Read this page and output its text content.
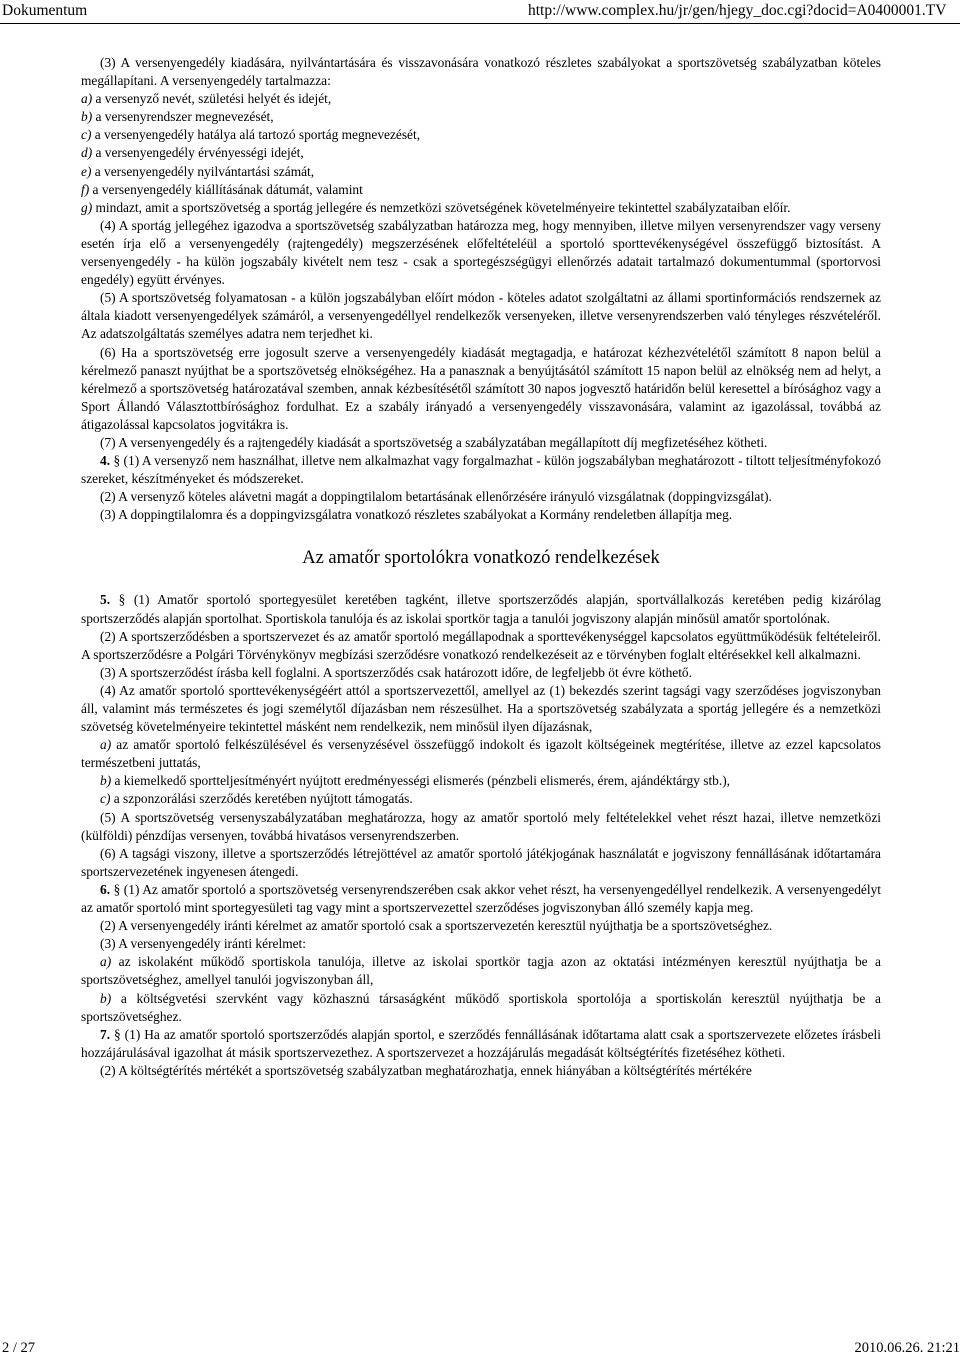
Dokumentum	http://www.complex.hu/jr/gen/hjegy_doc.cgi?docid=A0400001.TV

(3) A versenyengedély kiadására, nyilvántartására és visszavonására vonatkozó részletes szabályokat a sportszövetség szabályzatban köteles megállapítani. A versenyengedély tartalmazza:

a) a versenyző nevét, születési helyét és idejét,

b) a versenyrendszer megnevezését,

c) a versenyengedély hatálya alá tartozó sportág megnevezését,

d) a versenyengedély érvényességi idejét,

e) a versenyengedély nyilvántartási számát,

f) a versenyengedély kiállításának dátumát, valamint

g) mindazt, amit a sportszövetség a sportág jellegére és nemzetközi szövetségének követelményeire tekintettel szabályzataiban előír.

(4) A sportág jellegéhez igazodva a sportszövetség szabályzatban határozza meg, hogy mennyiben, illetve milyen versenyrendszer vagy verseny esetén írja elő a versenyengedély (rajtengedély) megszerzésének előfeltételéül a sportoló sporttevékenységével összefüggő biztosítást. A versenyengedély - ha külön jogszabály kivételt nem tesz - csak a sportegészségügyi ellenőrzés adatait tartalmazó dokumentummal (sportorvosi engedély) együtt érvényes.

(5) A sportszövetség folyamatosan - a külön jogszabályban előírt módon - köteles adatot szolgáltatni az állami sportinformációs rendszernek az általa kiadott versenyengedélyek számáról, a versenyengedéllyel rendelkezők versenyeken, illetve versenyrendszerben való tényleges részvételéről. Az adatszolgáltatás személyes adatra nem terjedhet ki.

(6) Ha a sportszövetség erre jogosult szerve a versenyengedély kiadását megtagadja, e határozat kézhezvételétől számított 8 napon belül a kérelmező panaszt nyújthat be a sportszövetség elnökségéhez. Ha a panasznak a benyújtásától számított 15 napon belül az elnökség nem ad helyt, a kérelmező a sportszövetség határozatával szemben, annak kézbesítésétől számított 30 napos jogvesztő határidőn belül keresettel a bírósághoz vagy a Sport Állandó Választottbírósághoz fordulhat. Ez a szabály irányadó a versenyengedély visszavonására, valamint az igazolással, továbbá az átigazolással kapcsolatos jogvitákra is.

(7) A versenyengedély és a rajtengedély kiadását a sportszövetség a szabályzatában megállapított díj megfizetéséhez kötheti.

4. § (1) A versenyző nem használhat, illetve nem alkalmazhat vagy forgalmazhat - külön jogszabályban meghatározott - tiltott teljesítményfokozó szereket, készítményeket és módszereket.

(2) A versenyző köteles alávetni magát a doppingtilalom betartásának ellenőrzésére irányuló vizsgálatnak (doppingvizsgálat).

(3) A doppingtilalomra és a doppingvizsgálatra vonatkozó részletes szabályokat a Kormány rendeletben állapítja meg.

Az amatőr sportolókra vonatkozó rendelkezések

5. § (1) Amatőr sportoló sportegyesület keretében tagként, illetve sportszerződés alapján, sportvállalkozás keretében pedig kizárólag sportszerződés alapján sportolhat. Sportiskola tanulója és az iskolai sportkör tagja a tanulói jogviszony alapján minősül amatőr sportolónak.

(2) A sportszerződésben a sportszervezet és az amatőr sportoló megállapodnak a sporttevékenységgel kapcsolatos együttműködésük feltételeiről. A sportszerződésre a Polgári Törvénykönyv megbízási szerződésre vonatkozó rendelkezéseit az e törvényben foglalt eltérésekkel kell alkalmazni.

(3) A sportszerződést írásba kell foglalni. A sportszerződés csak határozott időre, de legfeljebb öt évre köthető.

(4) Az amatőr sportoló sporttevékenységéért attól a sportszervezettől, amellyel az (1) bekezdés szerint tagsági vagy szerződéses jogviszonyban áll, valamint más természetes és jogi személytől díjazásban nem részesülhet. Ha a sportszövetség szabályzata a sportág jellegére és a nemzetközi szövetség követelményeire tekintettel másként nem rendelkezik, nem minősül ilyen díjazásnak,

a) az amatőr sportoló felkészülésével és versenyzésével összefüggő indokolt és igazolt költségeinek megtérítése, illetve az ezzel kapcsolatos természetbeni juttatás,

b) a kiemelkedő sportteljesítményért nyújtott eredményességi elismerés (pénzbeli elismerés, érem, ajándéktárgy stb.),

c) a szponzorálási szerződés keretében nyújtott támogatás.

(5) A sportszövetség versenyszabályzatában meghatározza, hogy az amatőr sportoló mely feltételekkel vehet részt hazai, illetve nemzetközi (külföldi) pénzdíjas versenyen, továbbá hivatásos versenyrendszerben.

(6) A tagsági viszony, illetve a sportszerződés létrejöttével az amatőr sportoló játékjogának használatát e jogviszony fennállásának időtartamára sportszervezetének ingyenesen átengedi.

6. § (1) Az amatőr sportoló a sportszövetség versenyrendszerében csak akkor vehet részt, ha versenyengedéllyel rendelkezik. A versenyengedélyt az amatőr sportoló mint sportegyesületi tag vagy mint a sportszervezettel szerződéses jogviszonyban álló személy kapja meg.

(2) A versenyengedély iránti kérelmet az amatőr sportoló csak a sportszervezetén keresztül nyújthatja be a sportszövetséghez.

(3) A versenyengedély iránti kérelmet:

a) az iskolaként működő sportiskola tanulója, illetve az iskolai sportkör tagja azon az oktatási intézményen keresztül nyújthatja be a sportszövetséghez, amellyel tanulói jogviszonyban áll,

b) a költségvetési szervként vagy közhasznú társaságként működő sportiskola sportolója a sportiskolán keresztül nyújthatja be a sportszövetséghez.

7. § (1) Ha az amatőr sportoló sportszerződés alapján sportol, e szerződés fennállásának időtartama alatt csak a sportszervezete előzetes írásbeli hozzájárulásával igazolhat át másik sportszervezethez. A sportszervezet a hozzájárulás megadását költségtérítés fizetéséhez kötheti.

(2) A költségtérítés mértékét a sportszövetség szabályzatban meghatározhatja, ennek hiányában a költségtérítés mértékére

2 / 27	2010.06.26. 21:21
